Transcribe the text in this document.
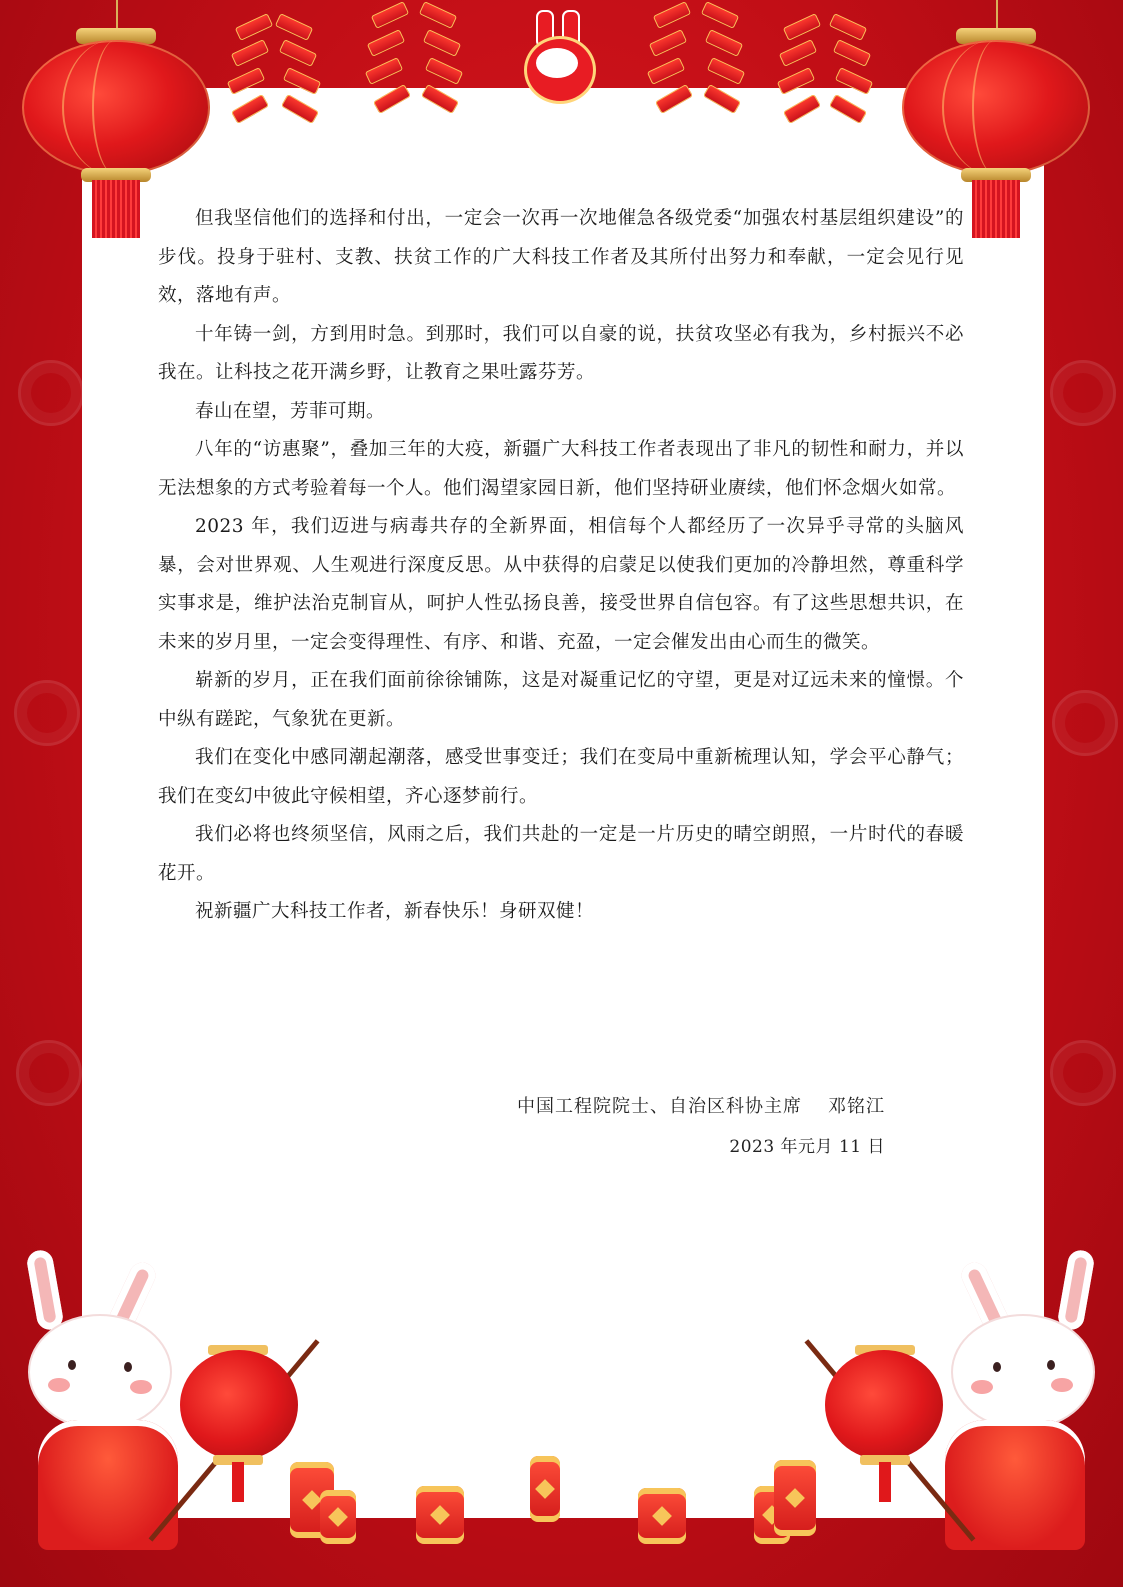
但我坚信他们的选择和付出，一定会一次再一次地催急各级党委“加强农村基层组织建设”的步伐。投身于驻村、支教、扶贫工作的广大科技工作者及其所付出努力和奉献，一定会见行见效，落地有声。

十年铸一剑，方到用时急。到那时，我们可以自豪的说，扶贫攻坚必有我为，乡村振兴不必我在。让科技之花开满乡野，让教育之果吐露芬芳。

春山在望，芳菲可期。

八年的“访惠聚”，叠加三年的大疫，新疆广大科技工作者表现出了非凡的韧性和耐力，并以无法想象的方式考验着每一个人。他们渴望家园日新，他们坚持研业赓续，他们怀念烟火如常。

2023 年，我们迈进与病毒共存的全新界面，相信每个人都经历了一次异乎寻常的头脑风暴，会对世界观、人生观进行深度反思。从中获得的启蒙足以使我们更加的冷静坦然，尊重科学实事求是，维护法治克制盲从，呵护人性弘扬良善，接受世界自信包容。有了这些思想共识，在未来的岁月里，一定会变得理性、有序、和谐、充盈，一定会催发出由心而生的微笑。

崭新的岁月，正在我们面前徐徐铺陈，这是对凝重记忆的守望，更是对辽远未来的憧憬。个中纵有蹉跎，气象犹在更新。

我们在变化中感同潮起潮落，感受世事变迁；我们在变局中重新梳理认知，学会平心静气；我们在变幻中彼此守候相望，齐心逐梦前行。

我们必将也终须坚信，风雨之后，我们共赴的一定是一片历史的晴空朗照，一片时代的春暖花开。

祝新疆广大科技工作者，新春快乐！身研双健！

中国工程院院士、自治区科协主席 邓铭江
2023 年元月 11 日
